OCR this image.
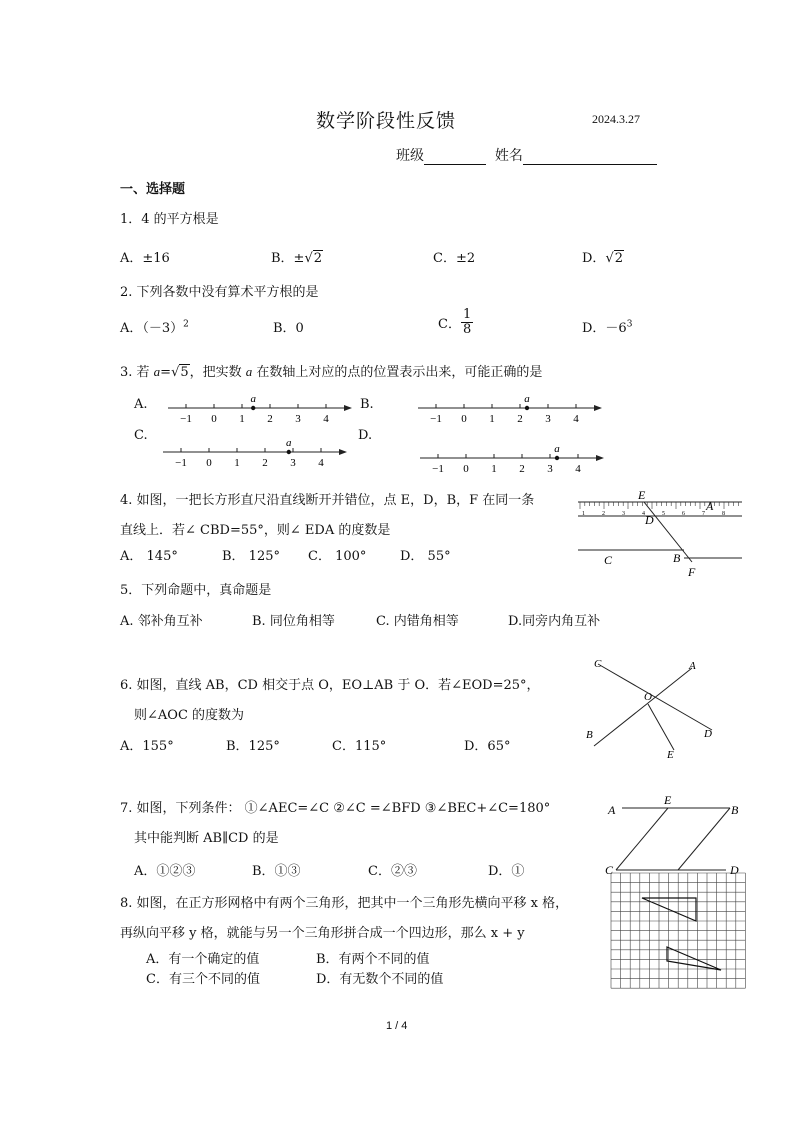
数学阶段性反馈	2024.3.27
班级	姓名
一、选择题
1．4 的平方根是
A．±16	B．±√2	C．±2	D．√2
2. 下列各数中没有算术平方根的是
A．$(-3)^2$	B．0	C． $\frac{1}{8}$	D．$-6^3$
3. 若 a=√5，把实数 a 在数轴上对应的点的位置表示出来，可能正确的是
A.	B.
C.	D.
−1 0 1 2 3 4
a
−1 0 1 2 3 4
a
−1 0 1 2 3 4
a
−1 0 1 2 3 4
a
4. 如图，一把长方形直尺沿直线断开并错位，点 E，D，B，F 在同一条
直线上．若∠ CBD=55°，则∠ EDA 的度数是
A． 145°	B． 125° C． 100°	D． 55°
1	2	3	4	5	6	7	8
E
A
D
C	B
F
5．下列命题中，真命题是
A. 邻补角互补	B. 同位角相等	C. 内错角相等	D.同旁内角互补
6. 如图，直线 AB，CD 相交于点 O，EO⊥AB 于 O．若∠EOD=25°，
则∠AOC 的度数为
A．155°	B．125°	C．115°	D．65°
C	A
O
B	D
E
7. 如图，下列条件： ①∠AEC=∠C ②∠C =∠BFD ③∠BEC+∠C=180°
其中能判断 AB∥CD 的是
A．①②③	B．①③	C．②③	D．①
A
E
B
C	D
8. 如图，在正方形网格中有两个三角形，把其中一个三角形先横向平移 x 格，
再纵向平移 y 格，就能与另一个三角形拼合成一个四边形，那么 x + y
A．有一个确定的值	B．有两个不同的值
C．有三个不同的值	D．有无数个不同的值
1 / 4
